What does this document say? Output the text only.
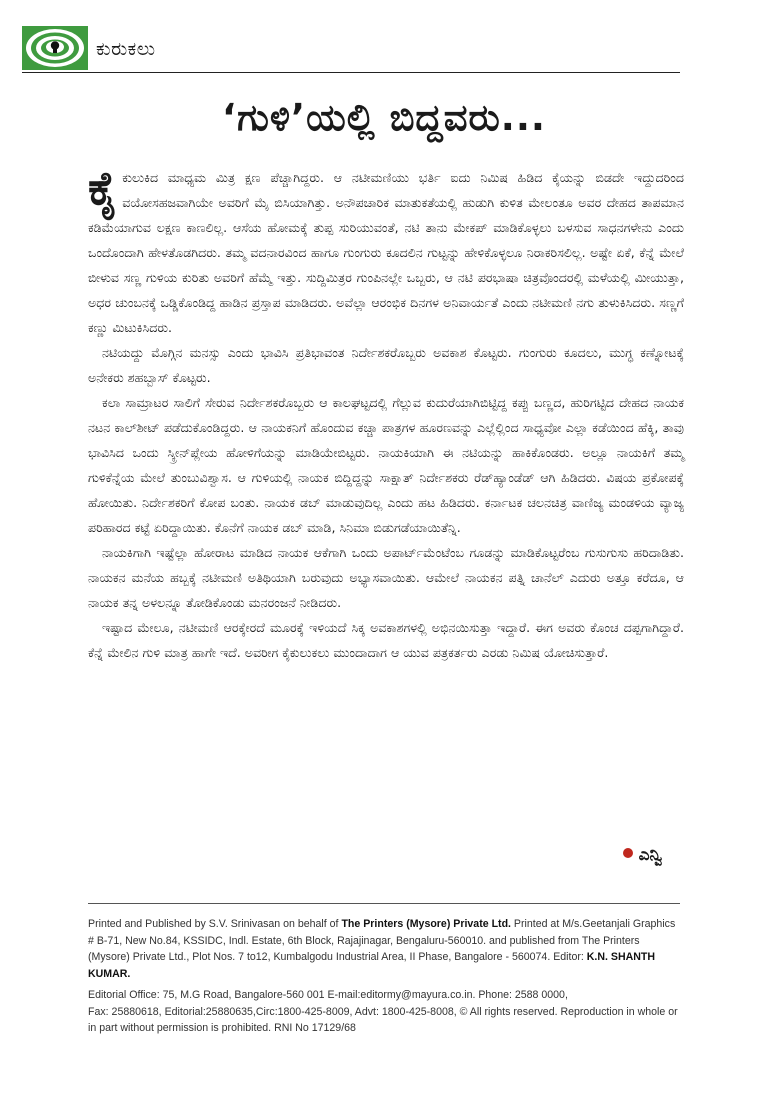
ಕುರುಕಲು
‘ಗುಳಿ’ಯಲ್ಲಿ ಬಿದ್ದವರು...

ಕೈಕುಲುಕಿದ ಮಾಧ್ಯಮ ಮಿತ್ರ ಕ್ಷಣ ಪೆಚ್ಚಾಗಿದ್ದರು. ಆ ನಟೀಮಣಿಯು ಭರ್ತಿ ಐದು ನಿಮಿಷ ಹಿಡಿದ ಕೈಯನ್ನು ಬಿಡದೇ ಇದ್ದುದರಿಂದ ವಯೋಸಹಜವಾಗಿಯೇ ಅವರಿಗೆ ಮೈ ಬಿಸಿಯಾಗಿತ್ತು. ಅನೌಪಚಾರಿಕ ಮಾತುಕತೆಯಲ್ಲಿ ಹುಡುಗಿ ಕುಳಿತ ಮೇಲಂತೂ ಅವರ ದೇಹದ ತಾಪಮಾನ ಕಡಿಮೆಯಾಗುವ ಲಕ್ಷಣ ಕಾಣಲಿಲ್ಲ. ಆಸೆಯ ಹೋಮಕ್ಕೆ ತುಪ್ಪ ಸುರಿಯುವಂತೆ, ನಟಿ ತಾನು ಮೇಕಪ್ ಮಾಡಿಕೊಳ್ಳಲು ಬಳಸುವ ಸಾಧನಗಳೇನು ಎಂದು ಒಂದೊಂದಾಗಿ ಹೇಳತೊಡಗಿದರು. ತಮ್ಮ ವದನಾರವಿಂದ ಹಾಗೂ ಗುಂಗುರು ಕೂದಲಿನ ಗುಟ್ಟನ್ನು ಹೇಳಿಕೊಳ್ಳಲೂ ನಿರಾಕರಿಸಲಿಲ್ಲ. ಅಷ್ಟೇ ಏಕೆ, ಕೆನ್ನೆ ಮೇಲೆ ಬೀಳುವ ಸಣ್ಣ ಗುಳಿಯ ಕುರಿತು ಅವರಿಗೆ ಹೆಮ್ಮೆ ಇತ್ತು. ಸುದ್ದಿಮಿತ್ರರ ಗುಂಪಿನಲ್ಲೇ ಒಬ್ಬರು, ಆ ನಟಿ ಪರಭಾಷಾ ಚಿತ್ರವೊಂದರಲ್ಲಿ ಮಳೆಯಲ್ಲಿ ಮೀಯುತ್ತಾ, ಅಧರ ಚುಂಬನಕ್ಕೆ ಒಡ್ಡಿಕೊಂಡಿದ್ದ ಹಾಡಿನ ಪ್ರಸ್ತಾಪ ಮಾಡಿದರು. ಅವೆಲ್ಲಾ ಆರಂಭಿಕ ದಿನಗಳ ಅನಿವಾರ್ಯತೆ ಎಂದು ನಟೀಮಣಿ ನಗು ತುಳುಕಿಸಿದರು. ಸಣ್ಣಗೆ ಕಣ್ಣು ಮಿಟುಕಿಸಿದರು.

ನಟಿಯದ್ದು ಮೊಗ್ಗಿನ ಮನಸ್ಸು ಎಂದು ಭಾವಿಸಿ ಪ್ರತಿಭಾವಂತ ನಿರ್ದೇಶಕರೊಬ್ಬರು ಅವಕಾಶ ಕೊಟ್ಟರು. ಗುಂಗುರು ಕೂದಲು, ಮುಗ್ಧ ಕಣ್ನೋಟಕ್ಕೆ ಅನೇಕರು ಶಹಬ್ಬಾಸ್ ಕೊಟ್ಟರು.

ಕಲಾ ಸಾಮ್ರಾಟರ ಸಾಲಿಗೆ ಸೇರುವ ನಿರ್ದೇಶಕರೊಬ್ಬರು ಆ ಕಾಲಘಟ್ಟದಲ್ಲಿ ಗೆಲ್ಲುವ ಕುದುರೆಯಾಗಿಬಿಟ್ಟಿದ್ದ ಕಪ್ಪು ಬಣ್ಣದ, ಹುರಿಗಟ್ಟಿದ ದೇಹದ ನಾಯಕ ನಟನ ಕಾಲ್‌ಶೀಟ್ ಪಡೆದುಕೊಂಡಿದ್ದರು. ಆ ನಾಯಕನಿಗೆ ಹೊಂದುವ ಕಚ್ಚಾ ಪಾತ್ರಗಳ ಹೂರಣವನ್ನು ಎಲ್ಲೆಲ್ಲಿಂದ ಸಾಧ್ಯವೋ ಎಲ್ಲಾ ಕಡೆಯಿಂದ ಹೆಕ್ಕಿ, ತಾವು ಭಾವಿಸಿದ ಒಂದು ಸ್ಕ್ರೀನ್‌ಪ್ಲೇಯ ಹೋಳಿಗೆಯನ್ನು ಮಾಡಿಯೇಬಿಟ್ಟರು. ನಾಯಕಿಯಾಗಿ ಈ ನಟಿಯನ್ನು ಹಾಕಿಕೊಂಡರು. ಅಲ್ಲೂ ನಾಯಕಿಗೆ ತಮ್ಮ ಗುಳಿಕೆನ್ನೆಯ ಮೇಲೆ ತುಂಬುವಿಶ್ವಾಸ. ಆ ಗುಳಿಯಲ್ಲಿ ನಾಯಕ ಬಿದ್ದಿದ್ದನ್ನು ಸಾಕ್ಷಾತ್ ನಿರ್ದೇಶಕರು ರೆಡ್‌ಹ್ಯಾಂಡೆಡ್ ಆಗಿ ಹಿಡಿದರು. ವಿಷಯ ಪ್ರಕೋಪಕ್ಕೆ ಹೋಯಿತು. ನಿರ್ದೇಶಕರಿಗೆ ಕೋಪ ಬಂತು. ನಾಯಕ ಡಬ್ ಮಾಡುವುದಿಲ್ಲ ಎಂದು ಹಟ ಹಿಡಿದರು. ಕರ್ನಾಟಕ ಚಲನಚಿತ್ರ ವಾಣಿಜ್ಯ ಮಂಡಳಿಯ ವ್ಯಾಜ್ಯ ಪರಿಹಾರದ ಕಟ್ಟೆ ಏರಿದ್ದಾಯಿತು. ಕೊನೆಗೆ ನಾಯಕ ಡಬ್ ಮಾಡಿ, ಸಿನಿಮಾ ಬಿಡುಗಡೆಯಾಯಿತೆನ್ನಿ.

ನಾಯಕಿಗಾಗಿ ಇಷ್ಟೆಲ್ಲಾ ಹೋರಾಟ ಮಾಡಿದ ನಾಯಕ ಆಕೆಗಾಗಿ ಒಂದು ಅಪಾರ್ಟ್‌ಮೆಂಟೆಂಬ ಗೂಡನ್ನು ಮಾಡಿಕೊಟ್ಟರೆಂಬ ಗುಸುಗುಸು ಹರಿದಾಡಿತು. ನಾಯಕನ ಮನೆಯ ಹಬ್ಬಕ್ಕೆ ನಟೀಮಣಿ ಅತಿಥಿಯಾಗಿ ಬರುವುದು ಅಭ್ಯಾಸವಾಯಿತು. ಆಮೇಲೆ ನಾಯಕನ ಪತ್ನಿ ಚಾನೆಲ್ ಎದುರು ಅತ್ತೂ ಕರೆದೂ, ಆ ನಾಯಕ ತನ್ನ ಅಳಲನ್ನೂ ತೋಡಿಕೊಂಡು ಮನರಂಜನೆ ನೀಡಿದರು.

ಇಷ್ಟಾದ ಮೇಲೂ, ನಟೀಮಣಿ ಆರಕ್ಕೇರದೆ ಮೂರಕ್ಕೆ ಇಳಿಯದೆ ಸಿಕ್ಕ ಅವಕಾಶಗಳಲ್ಲಿ ಅಭಿನಯಿಸುತ್ತಾ ಇದ್ದಾರೆ. ಈಗ ಅವರು ಕೊಂಚ ದಪ್ಪಗಾಗಿದ್ದಾರೆ. ಕೆನ್ನೆ ಮೇಲಿನ ಗುಳಿ ಮಾತ್ರ ಹಾಗೇ ಇದೆ. ಅವರೀಗ ಕೈಕುಲುಕಲು ಮುಂದಾದಾಗ ಆ ಯುವ ಪತ್ರಕರ್ತರು ಎರಡು ನಿಮಿಷ ಯೋಚಿಸುತ್ತಾರೆ.

ಎನ್ವಿ

Printed and Published by S.V. Srinivasan on behalf of The Printers (Mysore) Private Ltd. Printed at M/s.Geetanjali Graphics # B-71, New No.84, KSSIDC, Indl. Estate, 6th Block, Rajajinagar, Bengaluru-560010. and published from The Printers (Mysore) Private Ltd., Plot Nos. 7 to12, Kumbalgodu Industrial Area, II Phase, Bangalore - 560074. Editor: K.N. SHANTH KUMAR.

Editorial Office: 75, M.G Road, Bangalore-560 001 E-mail:editormy@mayura.co.in. Phone: 2588 0000,

Fax: 25880618, Editorial:25880635,Circ:1800-425-8009, Advt: 1800-425-8008, © All rights reserved. Reproduction in whole or in part without permission is prohibited. RNI No 17129/68
